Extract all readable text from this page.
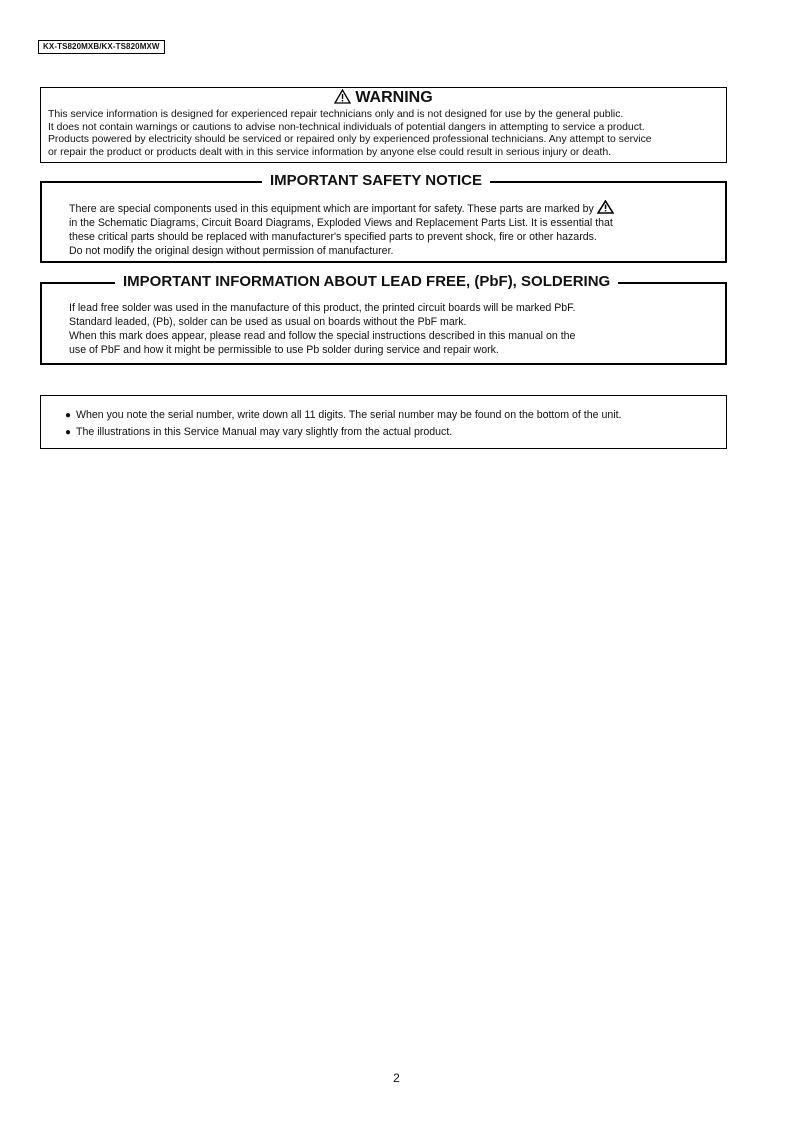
KX-TS820MXB/KX-TS820MXW
WARNING
This service information is designed for experienced repair technicians only and is not designed for use by the general public.
It does not contain warnings or cautions to advise non-technical individuals of potential dangers in attempting to service a product.
Products powered by electricity should be serviced or repaired only by experienced professional technicians. Any attempt to service
or repair the product or products dealt with in this service information by anyone else could result in serious injury or death.
IMPORTANT SAFETY NOTICE
There are special components used in this equipment which are important for safety. These parts are marked by
in the Schematic Diagrams, Circuit Board Diagrams, Exploded Views and Replacement Parts List. It is essential that
these critical parts should be replaced with manufacturer's specified parts to prevent shock, fire or other hazards.
Do not modify the original design without permission of manufacturer.
IMPORTANT INFORMATION ABOUT LEAD FREE, (PbF), SOLDERING
If lead free solder was used in the manufacture of this product, the printed circuit boards will be marked PbF.
Standard leaded, (Pb), solder can be used as usual on boards without the PbF mark.
When this mark does appear, please read and follow the special instructions described in this manual on the
use of PbF and how it might be permissible to use Pb solder during service and repair work.
● When you note the serial number, write down all 11 digits. The serial number may be found on the bottom of the unit.
● The illustrations in this Service Manual may vary slightly from the actual product.
2
